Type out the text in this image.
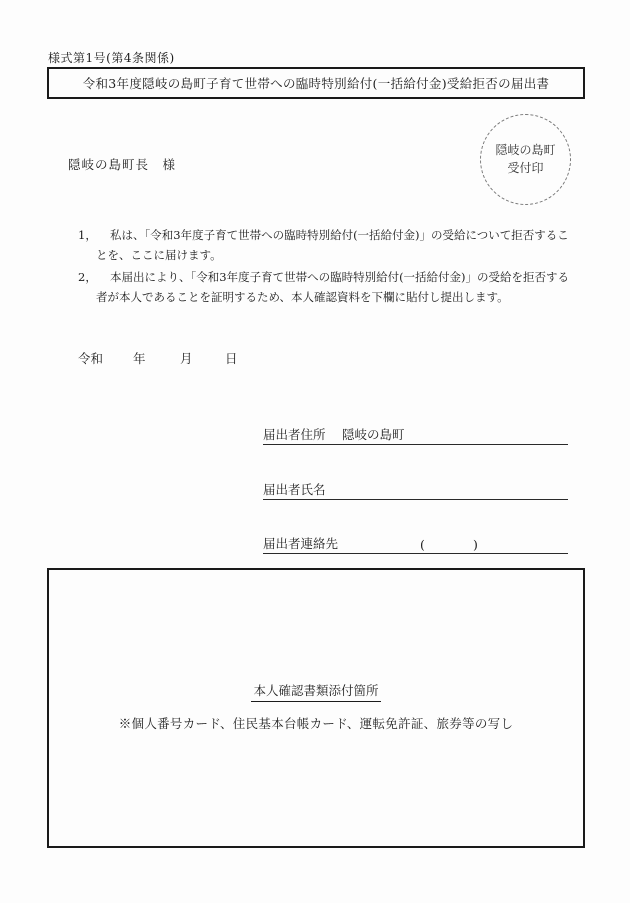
様式第1号(第4条関係)
令和3年度隠岐の島町子育て世帯への臨時特別給付(一括給付金)受給拒否の届出書
隠岐の島町長　様
隠岐の島町
受付印
1，	私は、「令和3年度子育て世帯への臨時特別給付(一括給付金)」の受給について拒否するこ
とを、ここに届けます。
2，	本届出により、「令和3年度子育て世帯への臨時特別給付(一括給付金)」の受給を拒否する
者が本人であることを証明するため、本人確認資料を下欄に貼付し提出します。
令和 年	月	日
届出者住所 隠岐の島町
届出者氏名
届出者連絡先	(	)
本人確認書類添付箇所
※個人番号カード、住民基本台帳カード、運転免許証、旅券等の写し
